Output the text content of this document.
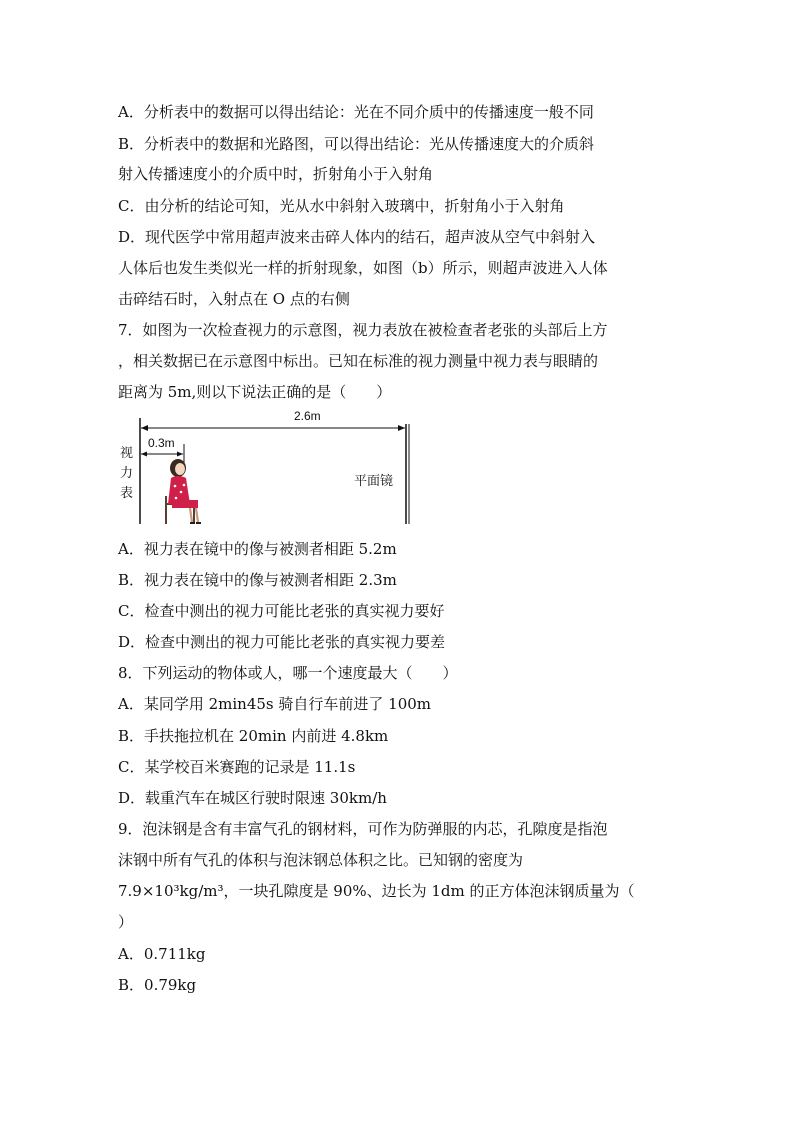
A．分析表中的数据可以得出结论：光在不同介质中的传播速度一般不同
B．分析表中的数据和光路图，可以得出结论：光从传播速度大的介质斜
射入传播速度小的介质中时，折射角小于入射角
C．由分析的结论可知，光从水中斜射入玻璃中，折射角小于入射角
D．现代医学中常用超声波来击碎人体内的结石，超声波从空气中斜射入
人体后也发生类似光一样的折射现象，如图（b）所示，则超声波进入人体
击碎结石时，入射点在 O 点的右侧
7．如图为一次检查视力的示意图，视力表放在被检查者老张的头部后上方
，相关数据已在示意图中标出。已知在标准的视力测量中视力表与眼睛的
距离为 5m,则以下说法正确的是（　　）
2.6m
0.3m
视
力
表
平面镜
A．视力表在镜中的像与被测者相距 5.2m
B．视力表在镜中的像与被测者相距 2.3m
C．检查中测出的视力可能比老张的真实视力要好
D．检查中测出的视力可能比老张的真实视力要差
8．下列运动的物体或人，哪一个速度最大（　　）
A．某同学用 2min45s 骑自行车前进了 100m
B．手扶拖拉机在 20min 内前进 4.8km
C．某学校百米赛跑的记录是 11.1s
D．载重汽车在城区行驶时限速 30km/h
9．泡沫钢是含有丰富气孔的钢材料，可作为防弹服的内芯，孔隙度是指泡
沫钢中所有气孔的体积与泡沫钢总体积之比。已知钢的密度为
7.9×10³kg/m³，一块孔隙度是 90%、边长为 1dm 的正方体泡沫钢质量为（
）
A．0.711kg
B．0.79kg
